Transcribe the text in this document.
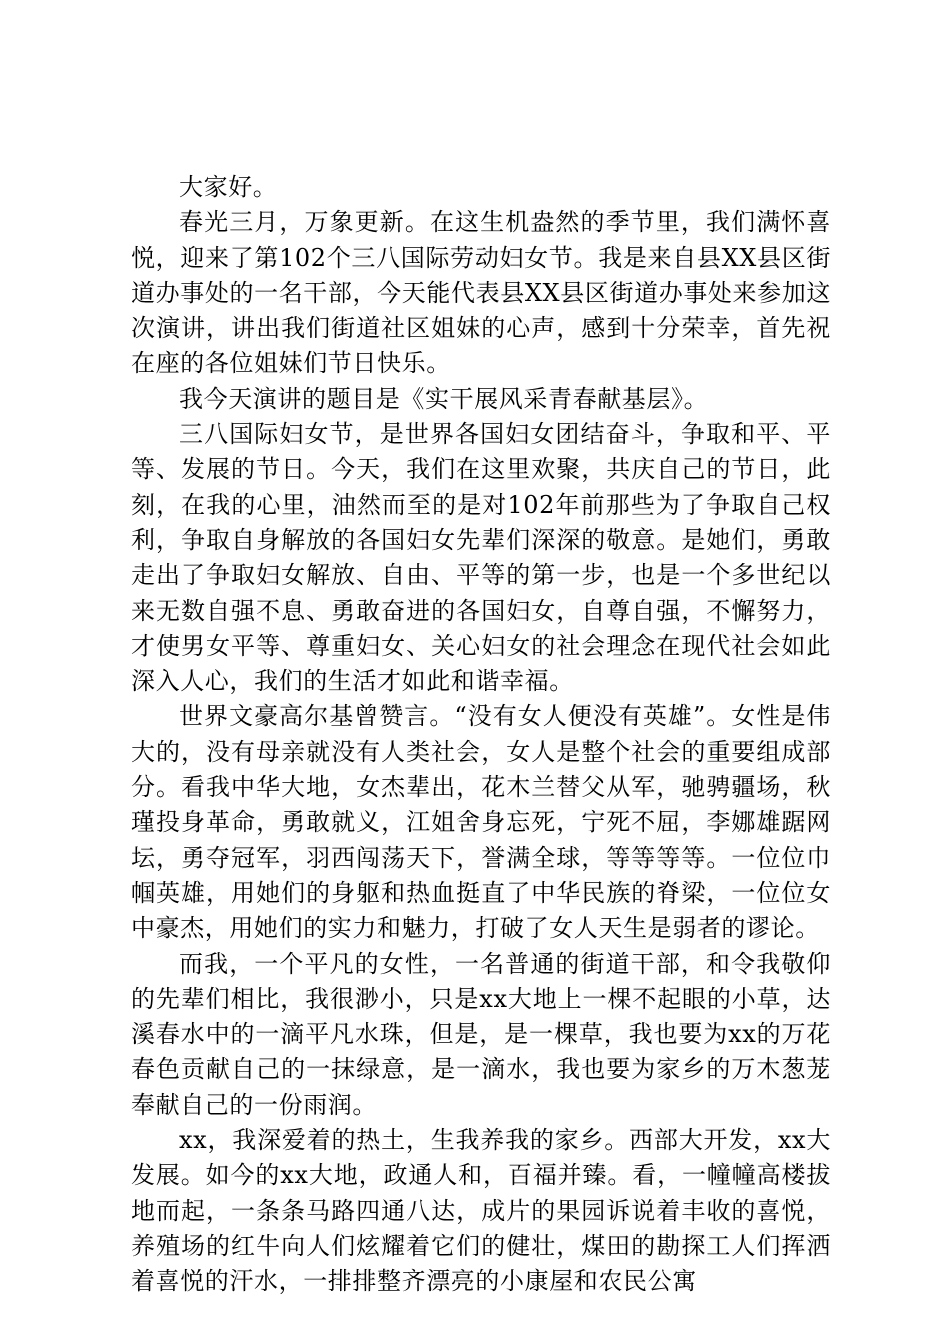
大家好。

春光三月，万象更新。在这生机盎然的季节里，我们满怀喜悦，迎来了第102个三八国际劳动妇女节。我是来自县XX县区街道办事处的一名干部，今天能代表县XX县区街道办事处来参加这次演讲，讲出我们街道社区姐妹的心声，感到十分荣幸，首先祝在座的各位姐妹们节日快乐。

我今天演讲的题目是《实干展风采青春献基层》。

三八国际妇女节，是世界各国妇女团结奋斗，争取和平、平等、发展的节日。今天，我们在这里欢聚，共庆自己的节日，此刻，在我的心里，油然而至的是对102年前那些为了争取自己权利，争取自身解放的各国妇女先辈们深深的敬意。是她们，勇敢走出了争取妇女解放、自由、平等的第一步，也是一个多世纪以来无数自强不息、勇敢奋进的各国妇女，自尊自强，不懈努力，才使男女平等、尊重妇女、关心妇女的社会理念在现代社会如此深入人心，我们的生活才如此和谐幸福。

世界文豪高尔基曾赞言。“没有女人便没有英雄”。女性是伟大的，没有母亲就没有人类社会，女人是整个社会的重要组成部分。看我中华大地，女杰辈出，花木兰替父从军，驰骋疆场，秋瑾投身革命，勇敢就义，江姐舍身忘死，宁死不屈，李娜雄踞网坛，勇夺冠军，羽西闯荡天下，誉满全球，等等等等。一位位巾帼英雄，用她们的身躯和热血挺直了中华民族的脊梁，一位位女中豪杰，用她们的实力和魅力，打破了女人天生是弱者的谬论。

而我，一个平凡的女性，一名普通的街道干部，和令我敬仰的先辈们相比，我很渺小，只是xx大地上一棵不起眼的小草，达溪春水中的一滴平凡水珠，但是，是一棵草，我也要为xx的万花春色贡献自己的一抹绿意，是一滴水，我也要为家乡的万木葱茏奉献自己的一份雨润。

xx，我深爱着的热土，生我养我的家乡。西部大开发，xx大发展。如今的xx大地，政通人和，百福并臻。看，一幢幢高楼拔地而起，一条条马路四通八达，成片的果园诉说着丰收的喜悦，养殖场的红牛向人们炫耀着它们的健壮，煤田的勘探工人们挥洒着喜悦的汗水，一排排整齐漂亮的小康屋和农民公寓
